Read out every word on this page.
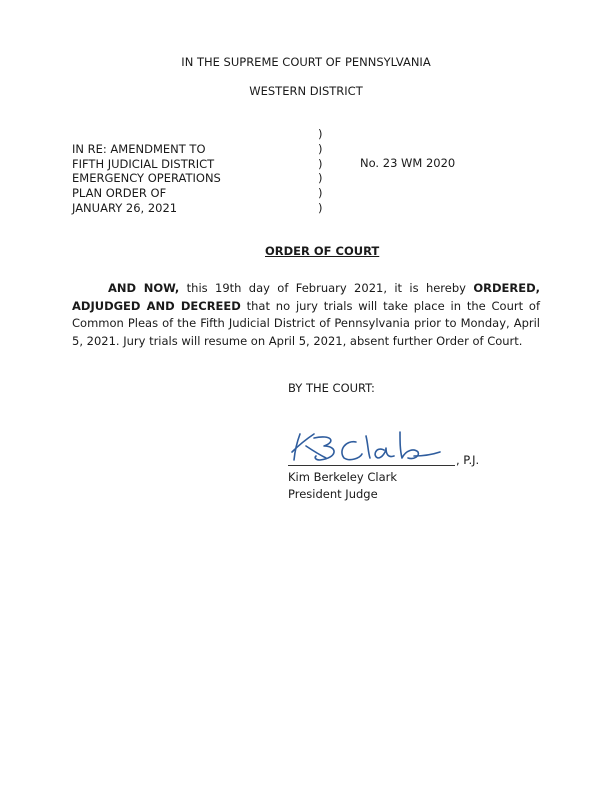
IN THE SUPREME COURT OF PENNSYLVANIA
WESTERN DISTRICT
IN RE: AMENDMENT TO
FIFTH JUDICIAL DISTRICT
EMERGENCY OPERATIONS
PLAN ORDER OF
JANUARY 26, 2021
)
)
)
)
)
)
No. 23 WM 2020
ORDER OF COURT
AND NOW, this 19th day of February 2021, it is hereby ORDERED, ADJUDGED AND DECREED that no jury trials will take place in the Court of Common Pleas of the Fifth Judicial District of Pennsylvania prior to Monday, April 5, 2021. Jury trials will resume on April 5, 2021, absent further Order of Court.
BY THE COURT:
, P.J.
Kim Berkeley Clark
President Judge
